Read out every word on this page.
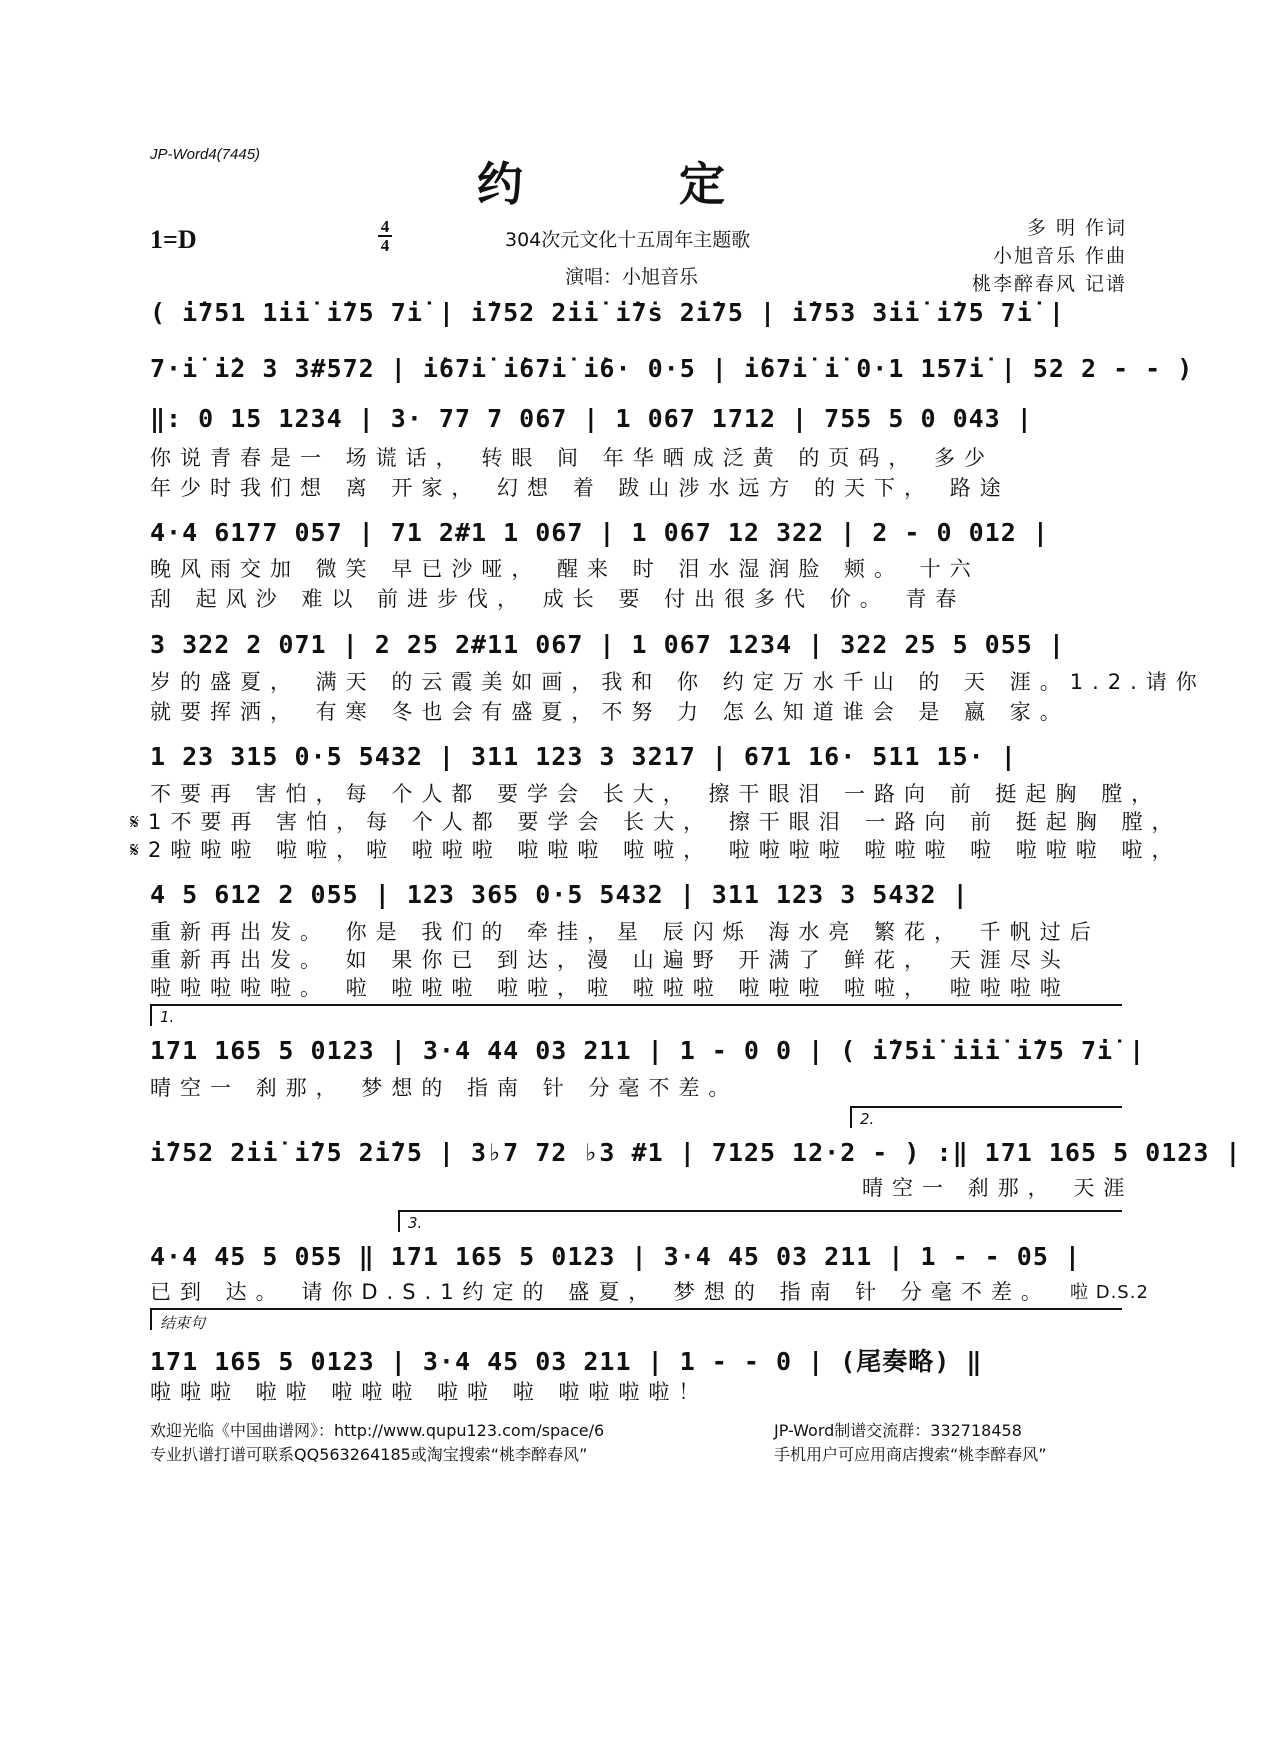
JP-Word4(7445)
约 定
1=D	4
4	304次元文化十五周年主题歌
演唱：小旭音乐
多 明 作词
小旭音乐 作曲
桃李醉春风 记谱
( i̇751 1i̇i̇ i̇75 7i̇ | i̇752 2i̇i̇ i̇7ṡ 2̇i̇75 | i̇753 3i̇i̇ i̇75 7i̇ |
7·i̇ i̇2 3 3#572 | i̇67i̇ i̇67i̇ i̇6· 0·5 | i̇67i̇ i̇ 0·1 157i̇ | 52 2 - - )
‖: 0 15 1234 | 3· 77 7 067 | 1 067 1712 | 755 5 0 043 |
你说青春是一 场谎话， 转眼 间 年华晒成泛黄 的页码， 多少
年少时我们想 离 开家， 幻想 着 跋山涉水远方 的天下， 路途
4·4 6177 057 | 71 2#1 1 067 | 1 067 12 322 | 2 - 0 012 |
晚风雨交加 微笑 早已沙哑， 醒来 时 泪水湿润脸 颊。 十六
刮 起风沙 难以 前进步伐， 成长 要 付出很多代 价。 青春
3 322 2 071 | 2 25 2#11 067 | 1 067 1234 | 322 25 5 055 |
岁的盛夏， 满天 的云霞美如画，我和 你 约定万水千山 的 天 涯。1.2.请你
就要挥洒， 有寒 冬也会有盛夏，不努 力 怎么知道谁会 是 嬴 家。
1 23 315 0·5 5432 | 311 123 3 3217 | 671 16· 511 15· |
不要再 害怕，每 个人都 要学会 长大， 擦干眼泪 一路向 前 挺起胸 膛，
𝄋1不要再 害怕，每 个人都 要学会 长大， 擦干眼泪 一路向 前 挺起胸 膛，
𝄋2啦啦啦 啦啦，啦 啦啦啦 啦啦啦 啦啦， 啦啦啦啦 啦啦啦 啦 啦啦啦 啦，
4 5 612 2 055 | 123 365 0·5 5432 | 311 123 3 5432 |
重新再出发。 你是 我们的 牵挂，星 辰闪烁 海水亮 繁花， 千帆过后
重新再出发。 如 果你已 到达，漫 山遍野 开满了 鲜花， 天涯尽头
啦啦啦啦啦。 啦 啦啦啦 啦啦，啦 啦啦啦 啦啦啦 啦啦， 啦啦啦啦
1.
171 165 5 0123 | 3·4 44 03 211 | 1 - 0 0 | ( i̇75i̇ i̇i̇i̇ i̇75 7i̇ |
晴空一 刹那， 梦想的 指南 针 分毫不差。
2.
i̇752 2i̇i̇ i̇75 2̇i̇75 | 3♭7 72 ♭3 #1 | 7125 12·2 - ) :‖ 171 165 5 0123 |
晴空一 刹那， 天涯
3.
4·4 45 5 055 ‖ 171 165 5 0123 | 3·4 45 03 211 | 1 - - 05 |
已到 达。 请你D.S.1约定的 盛夏， 梦想的 指南 针 分毫不差。 啦 D.S.2
结束句
171 165 5 0123 | 3·4 45 03 211 | 1 - - 0 | (尾奏略) ‖
啦啦啦 啦啦 啦啦啦 啦啦 啦 啦啦啦啦！
欢迎光临《中国曲谱网》：http://www.qupu123.com/space/6
专业扒谱打谱可联系QQ563264185或淘宝搜索“桃李醉春风”
JP-Word制谱交流群：332718458
手机用户可应用商店搜索“桃李醉春风”
